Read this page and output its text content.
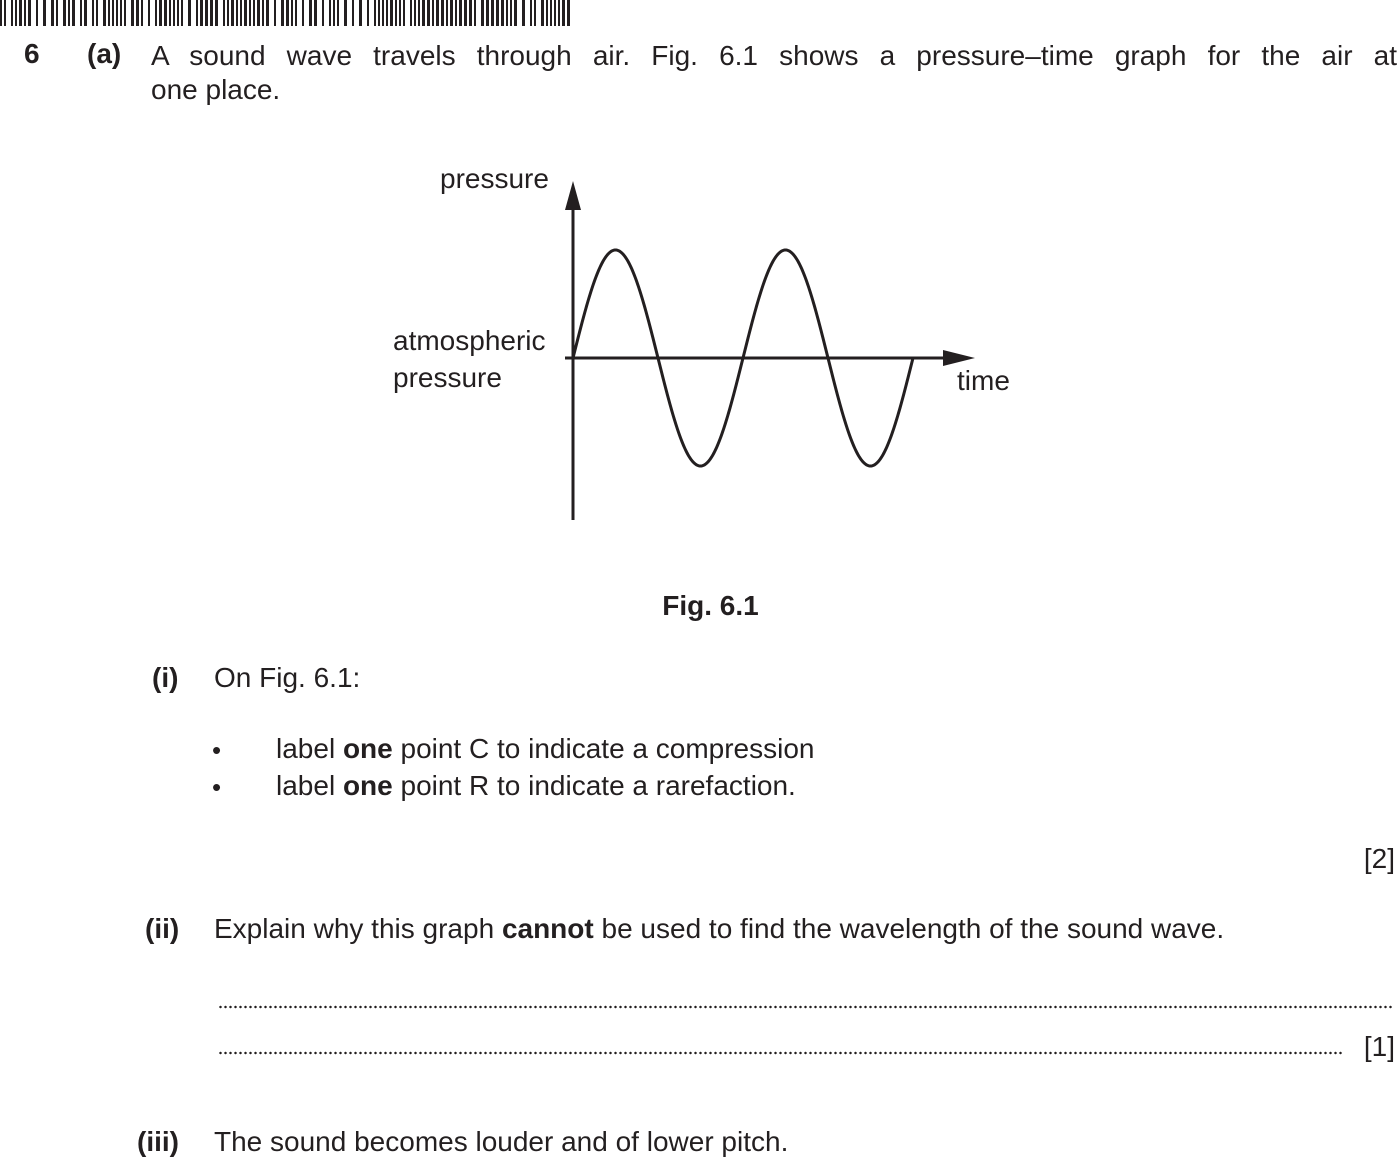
6 (a) A sound wave travels through air. Fig. 6.1 shows a pressure–time graph for the air at
one place.
pressure
atmospheric
pressure	time
Fig. 6.1
(i) On Fig. 6.1:
• label one point C to indicate a compression
• label one point R to indicate a rarefaction.
[2]
(ii) Explain why this graph cannot be used to find the wavelength of the sound wave.
[1]
(iii) The sound becomes louder and of lower pitch.
